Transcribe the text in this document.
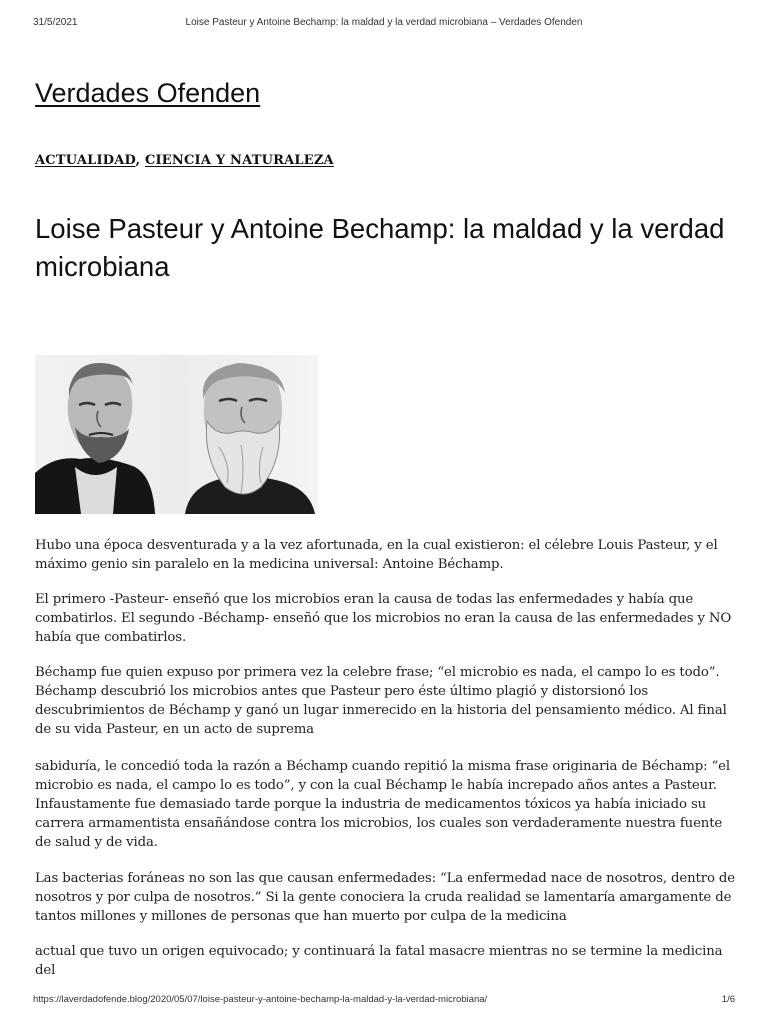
31/5/2021	Loise Pasteur y Antoine Bechamp: la maldad y la verdad microbiana – Verdades Ofenden
Verdades Ofenden
ACTUALIDAD, CIENCIA Y NATURALEZA
Loise Pasteur y Antoine Bechamp: la maldad y la verdad microbiana

Hubo una época desventurada y a la vez afortunada, en la cual existieron: el célebre Louis Pasteur, y el máximo genio sin paralelo en la medicina universal: Antoine Béchamp.

El primero -Pasteur- enseñó que los microbios eran la causa de todas las enfermedades y había que combatirlos. El segundo -Béchamp- enseñó que los microbios no eran la causa de las enfermedades y NO había que combatirlos.

Béchamp fue quien expuso por primera vez la celebre frase; “el microbio es nada, el campo lo es todo”. Béchamp descubrió los microbios antes que Pasteur pero éste último plagió y distorsionó los descubrimientos de Béchamp y ganó un lugar inmerecido en la historia del pensamiento médico. Al final de su vida Pasteur, en un acto de suprema

sabiduría, le concedió toda la razón a Béchamp cuando repitió la misma frase originaria de Béchamp: “el microbio es nada, el campo lo es todo”, y con la cual Béchamp le había increpado años antes a Pasteur. Infaustamente fue demasiado tarde porque la industria de medicamentos tóxicos ya había iniciado su carrera armamentista ensañándose contra los microbios, los cuales son verdaderamente nuestra fuente de salud y de vida.

Las bacterias foráneas no son las que causan enfermedades: “La enfermedad nace de nosotros, dentro de nosotros y por culpa de nosotros.” Si la gente conociera la cruda realidad se lamentaría amargamente de tantos millones y millones de personas que han muerto por culpa de la medicina

actual que tuvo un origen equivocado; y continuará la fatal masacre mientras no se termine la medicina del

https://laverdadofende.blog/2020/05/07/loise-pasteur-y-antoine-bechamp-la-maldad-y-la-verdad-microbiana/	1/6
